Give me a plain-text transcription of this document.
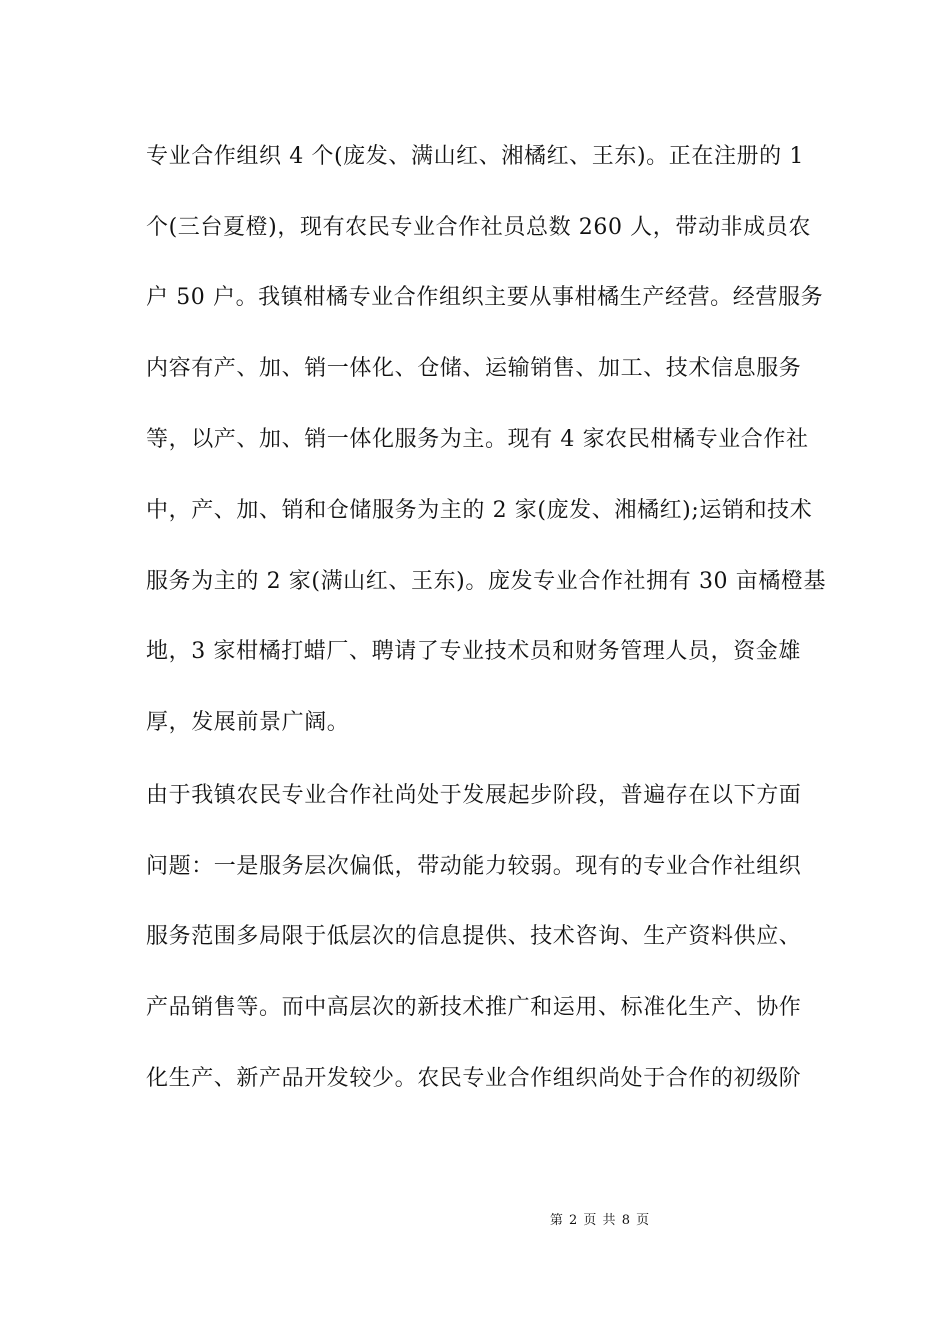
专业合作组织 4 个(庞发、满山红、湘橘红、王东)。正在注册的 1
个(三台夏橙)，现有农民专业合作社员总数 260 人，带动非成员农
户 50 户。我镇柑橘专业合作组织主要从事柑橘生产经营。经营服务
内容有产、加、销一体化、仓储、运输销售、加工、技术信息服务
等，以产、加、销一体化服务为主。现有 4 家农民柑橘专业合作社
中，产、加、销和仓储服务为主的 2 家(庞发、湘橘红);运销和技术
服务为主的 2 家(满山红、王东)。庞发专业合作社拥有 30 亩橘橙基
地，3 家柑橘打蜡厂、聘请了专业技术员和财务管理人员，资金雄
厚，发展前景广阔。
由于我镇农民专业合作社尚处于发展起步阶段，普遍存在以下方面
问题：一是服务层次偏低，带动能力较弱。现有的专业合作社组织
服务范围多局限于低层次的信息提供、技术咨询、生产资料供应、
产品销售等。而中高层次的新技术推广和运用、标准化生产、协作
化生产、新产品开发较少。农民专业合作组织尚处于合作的初级阶
第 2 页 共 8 页
